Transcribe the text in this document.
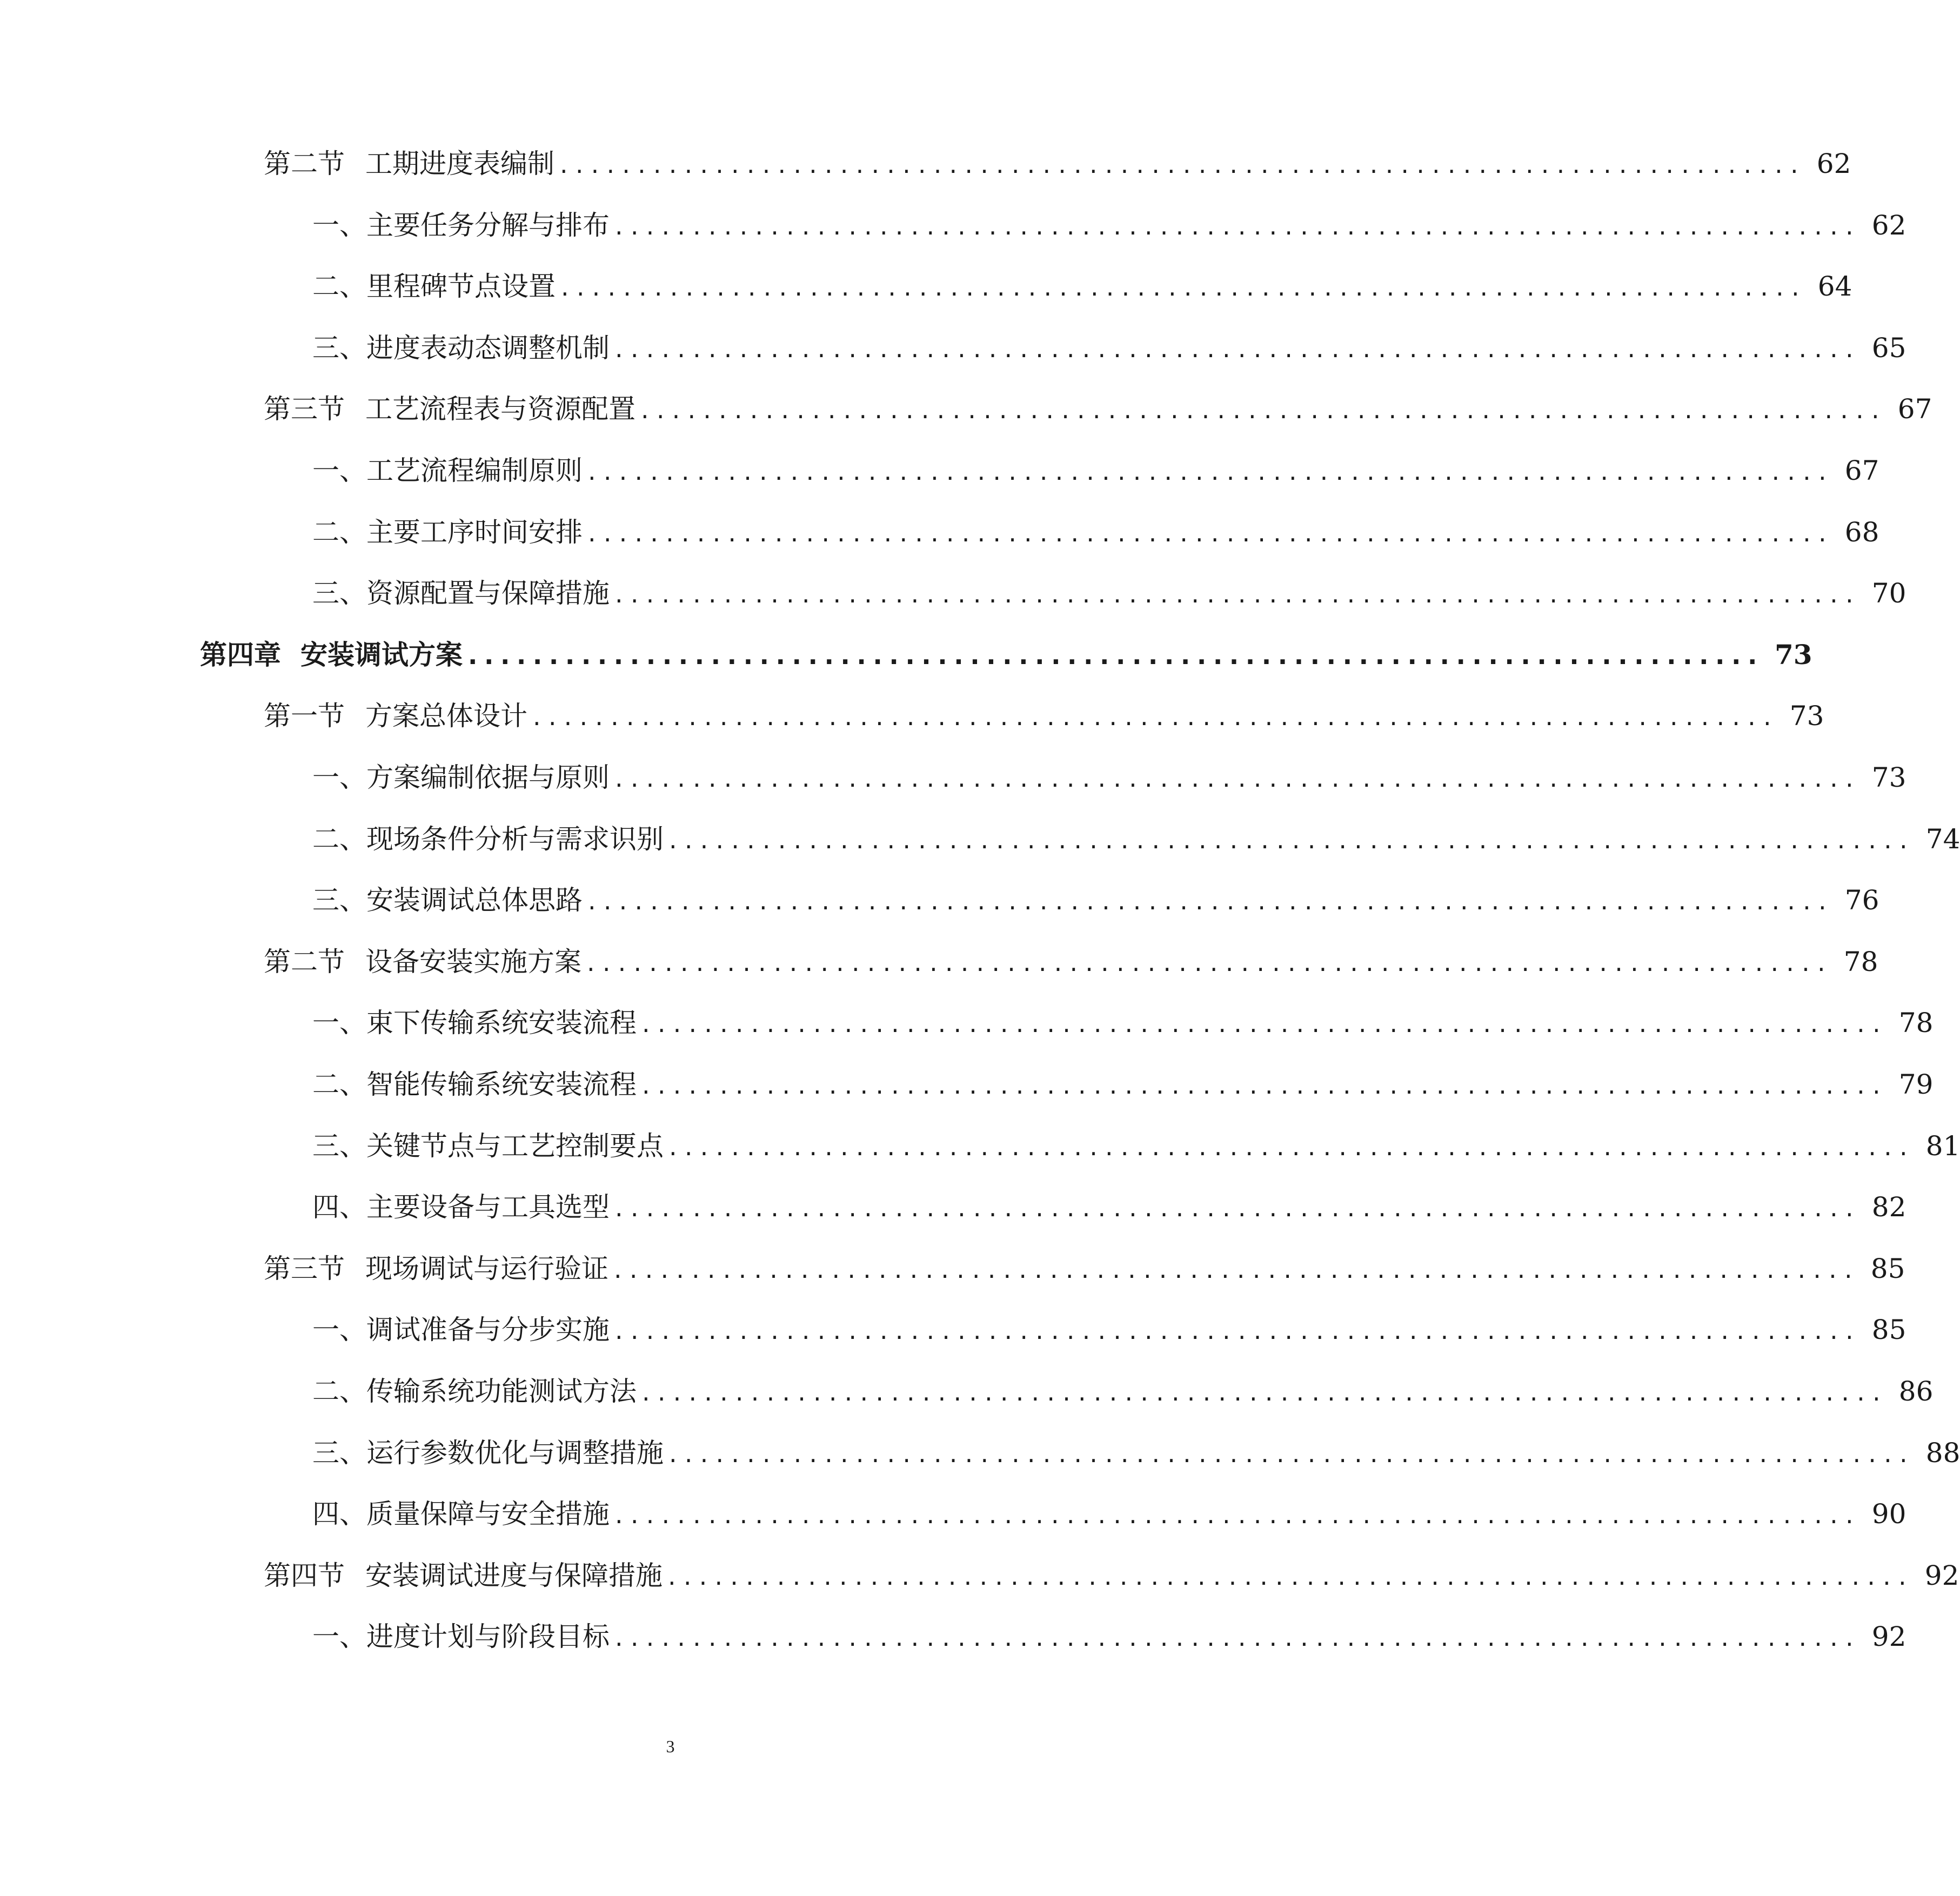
第二节 工期进度表编制 ................................................................................ 62
一、主要任务分解与排布 ................................................................................ 62
二、里程碑节点设置 ................................................................................ 64
三、进度表动态调整机制 ................................................................................ 65
第三节 工艺流程表与资源配置 ................................................................................ 67
一、工艺流程编制原则 ................................................................................ 67
二、主要工序时间安排 ................................................................................ 68
三、资源配置与保障措施 ................................................................................ 70
第四章 安装调试方案 ................................................................................ 73
第一节 方案总体设计 ................................................................................ 73
一、方案编制依据与原则 ................................................................................ 73
二、现场条件分析与需求识别 ................................................................................ 74
三、安装调试总体思路 ................................................................................ 76
第二节 设备安装实施方案 ................................................................................ 78
一、束下传输系统安装流程 ................................................................................ 78
二、智能传输系统安装流程 ................................................................................ 79
三、关键节点与工艺控制要点 ................................................................................ 81
四、主要设备与工具选型 ................................................................................ 82
第三节 现场调试与运行验证 ................................................................................ 85
一、调试准备与分步实施 ................................................................................ 85
二、传输系统功能测试方法 ................................................................................ 86
三、运行参数优化与调整措施 ................................................................................ 88
四、质量保障与安全措施 ................................................................................ 90
第四节 安装调试进度与保障措施 ................................................................................ 92
一、进度计划与阶段目标 ................................................................................ 92
3
